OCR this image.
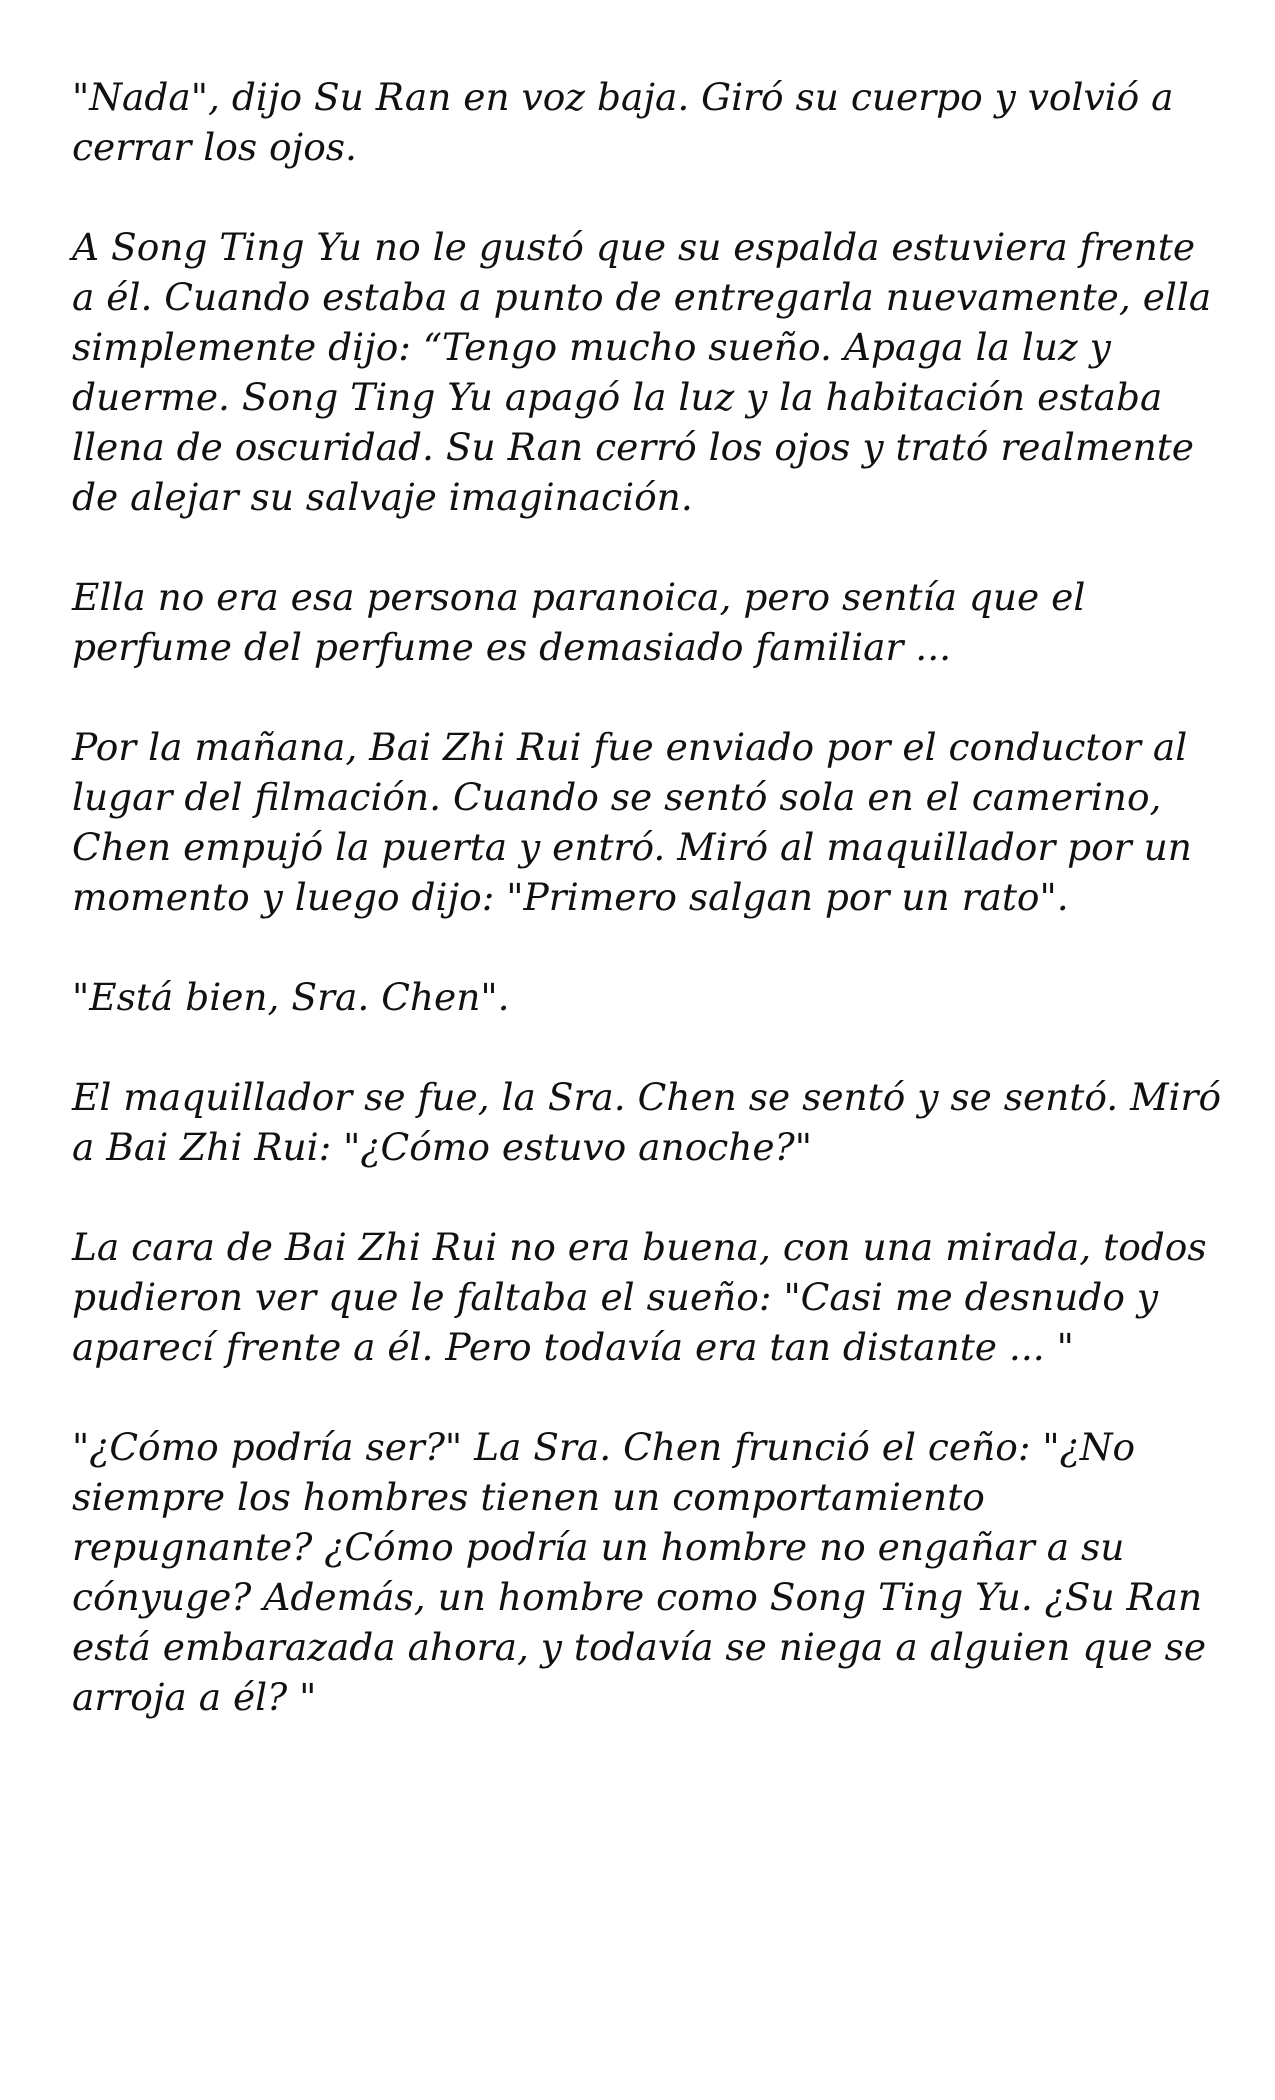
"Nada", dijo Su Ran en voz baja. Giró su cuerpo y volvió a cerrar los ojos.

A Song Ting Yu no le gustó que su espalda estuviera frente a él. Cuando estaba a punto de entregarla nuevamente, ella simplemente dijo: “Tengo mucho sueño. Apaga la luz y duerme. Song Ting Yu apagó la luz y la habitación estaba llena de oscuridad. Su Ran cerró los ojos y trató realmente de alejar su salvaje imaginación.

Ella no era esa persona paranoica, pero sentía que el perfume del perfume es demasiado familiar ...

Por la mañana, Bai Zhi Rui fue enviado por el conductor al lugar del filmación. Cuando se sentó sola en el camerino, Chen empujó la puerta y entró. Miró al maquillador por un momento y luego dijo: "Primero salgan por un rato".

"Está bien, Sra. Chen".

El maquillador se fue, la Sra. Chen se sentó y se sentó. Miró a Bai Zhi Rui: "¿Cómo estuvo anoche?"

La cara de Bai Zhi Rui no era buena, con una mirada, todos pudieron ver que le faltaba el sueño: "Casi me desnudo y aparecí frente a él. Pero todavía era tan distante ... "

"¿Cómo podría ser?" La Sra. Chen frunció el ceño: "¿No siempre los hombres tienen un comportamiento repugnante? ¿Cómo podría un hombre no engañar a su cónyuge? Además, un hombre como Song Ting Yu. ¿Su Ran está embarazada ahora, y todavía se niega a alguien que se arroja a él? "
